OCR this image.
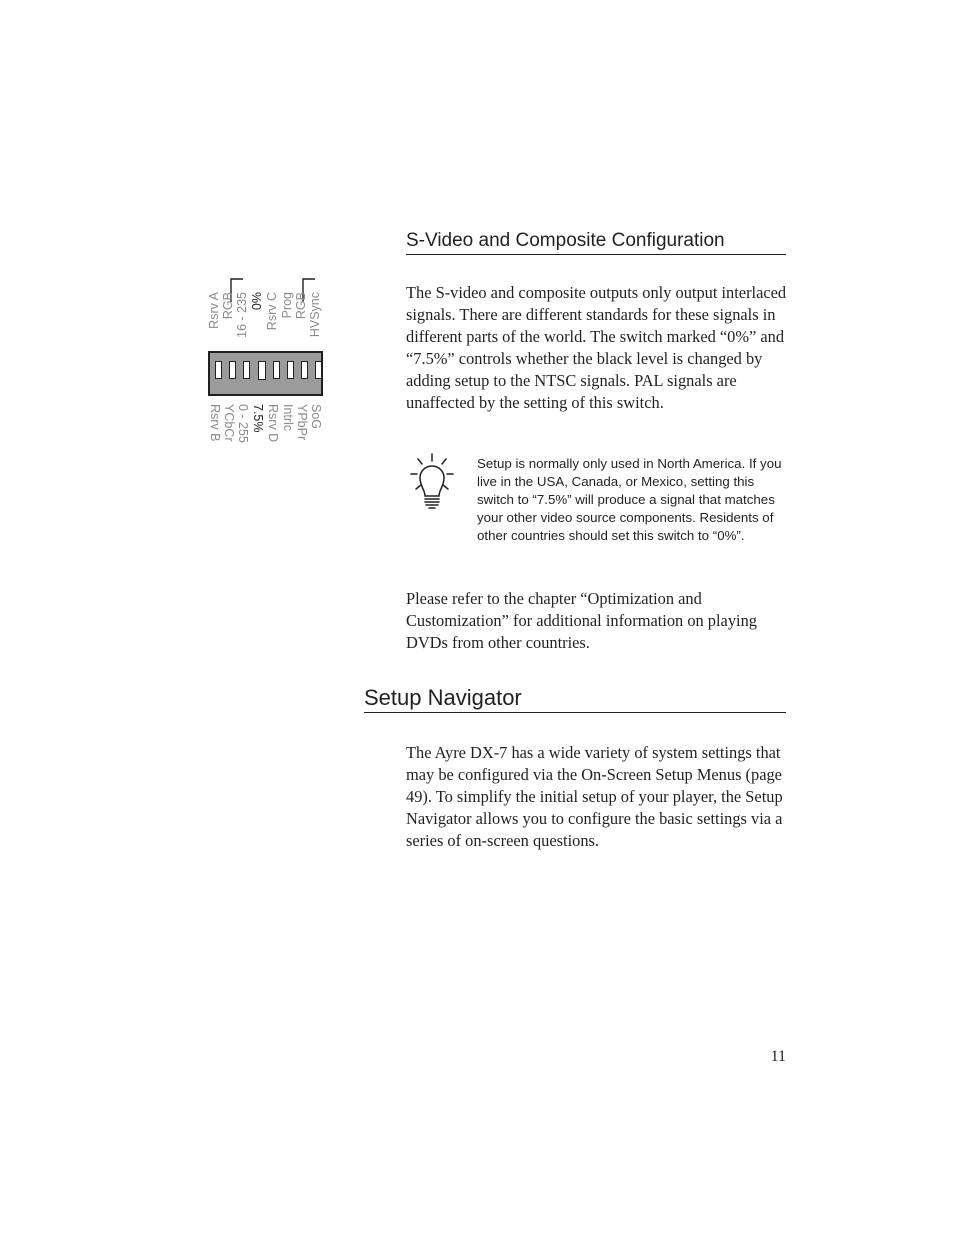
Rsrv A RGB 16 - 235 0% Rsrv C Prog RGB HVSync
Rsrv B YCbCr 0 - 255 7.5% Rsrv D Intrlc YPbPr SoG
S-Video and Composite Configuration

The S-video and composite outputs only output interlaced signals. There are different standards for these signals in different parts of the world. The switch marked “0%” and “7.5%” controls whether the black level is changed by adding setup to the NTSC signals. PAL signals are unaffected by the setting of this switch.

Setup is normally only used in North America. If you live in the USA, Canada, or Mexico, setting this switch to “7.5%” will produce a signal that matches your other video source components. Residents of other countries should set this switch to “0%”.

Please refer to the chapter “Optimization and Customization” for additional information on playing DVDs from other countries.

Setup Navigator

The Ayre DX-7 has a wide variety of system settings that may be configured via the On-Screen Setup Menus (page 49). To simplify the initial setup of your player, the Setup Navigator allows you to configure the basic settings via a series of on-screen questions.

11
